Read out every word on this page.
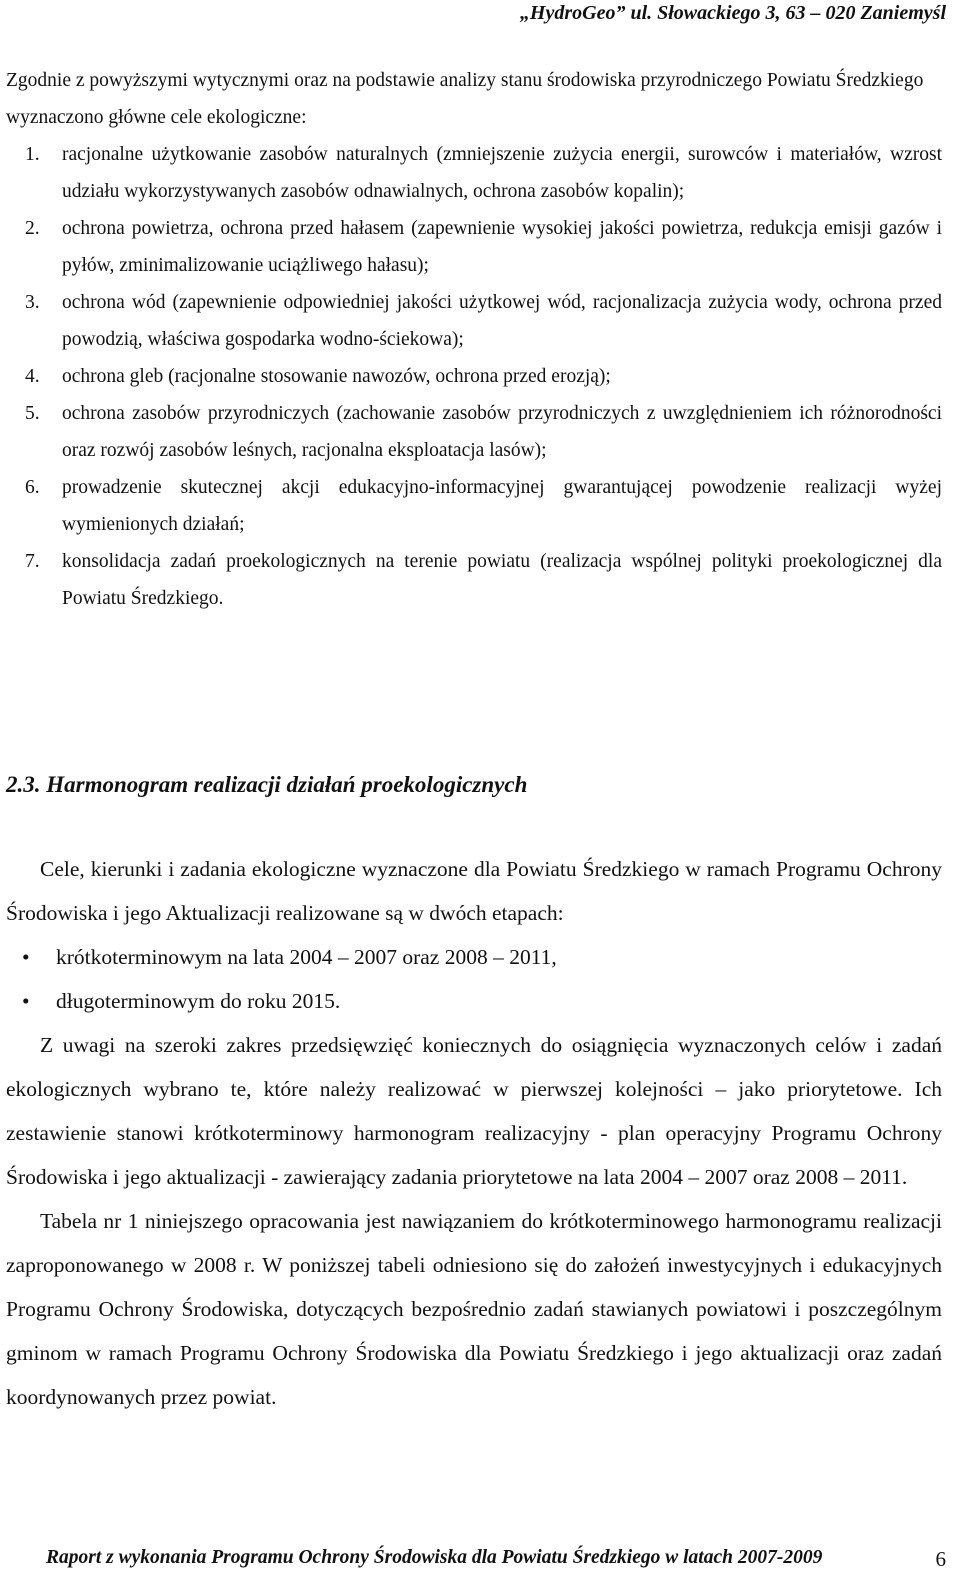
„HydroGeo” ul. Słowackiego 3, 63 – 020 Zaniemyśl

Zgodnie z powyższymi wytycznymi oraz na podstawie analizy stanu środowiska przyrodniczego Powiatu Średzkiego wyznaczono główne cele ekologiczne:

1. racjonalne użytkowanie zasobów naturalnych (zmniejszenie zużycia energii, surowców i materiałów, wzrost udziału wykorzystywanych zasobów odnawialnych, ochrona zasobów kopalin);
2. ochrona powietrza, ochrona przed hałasem (zapewnienie wysokiej jakości powietrza, redukcja emisji gazów i pyłów, zminimalizowanie uciążliwego hałasu);
3. ochrona wód (zapewnienie odpowiedniej jakości użytkowej wód, racjonalizacja zużycia wody, ochrona przed powodzią, właściwa gospodarka wodno-ściekowa);
4. ochrona gleb (racjonalne stosowanie nawozów, ochrona przed erozją);
5. ochrona zasobów przyrodniczych (zachowanie zasobów przyrodniczych z uwzględnieniem ich różnorodności oraz rozwój zasobów leśnych, racjonalna eksploatacja lasów);
6. prowadzenie skutecznej akcji edukacyjno-informacyjnej gwarantującej powodzenie realizacji wyżej wymienionych działań;
7. konsolidacja zadań proekologicznych na terenie powiatu (realizacja wspólnej polityki proekologicznej dla Powiatu Średzkiego.
2.3. Harmonogram realizacji działań proekologicznych

Cele, kierunki i zadania ekologiczne wyznaczone dla Powiatu Średzkiego w ramach Programu Ochrony Środowiska i jego Aktualizacji realizowane są w dwóch etapach:

• krótkoterminowym na lata 2004 – 2007 oraz 2008 – 2011,
• długoterminowym do roku 2015.

Z uwagi na szeroki zakres przedsięwzięć koniecznych do osiągnięcia wyznaczonych celów i zadań ekologicznych wybrano te, które należy realizować w pierwszej kolejności – jako priorytetowe. Ich zestawienie stanowi krótkoterminowy harmonogram realizacyjny - plan operacyjny Programu Ochrony Środowiska i jego aktualizacji - zawierający zadania priorytetowe na lata 2004 – 2007 oraz 2008 – 2011.

Tabela nr 1 niniejszego opracowania jest nawiązaniem do krótkoterminowego harmonogramu realizacji zaproponowanego w 2008 r. W poniższej tabeli odniesiono się do założeń inwestycyjnych i edukacyjnych Programu Ochrony Środowiska, dotyczących bezpośrednio zadań stawianych powiatowi i poszczególnym gminom w ramach Programu Ochrony Środowiska dla Powiatu Średzkiego i jego aktualizacji oraz zadań koordynowanych przez powiat.

Raport z wykonania Programu Ochrony Środowiska dla Powiatu Średzkiego w latach 2007-2009	6
